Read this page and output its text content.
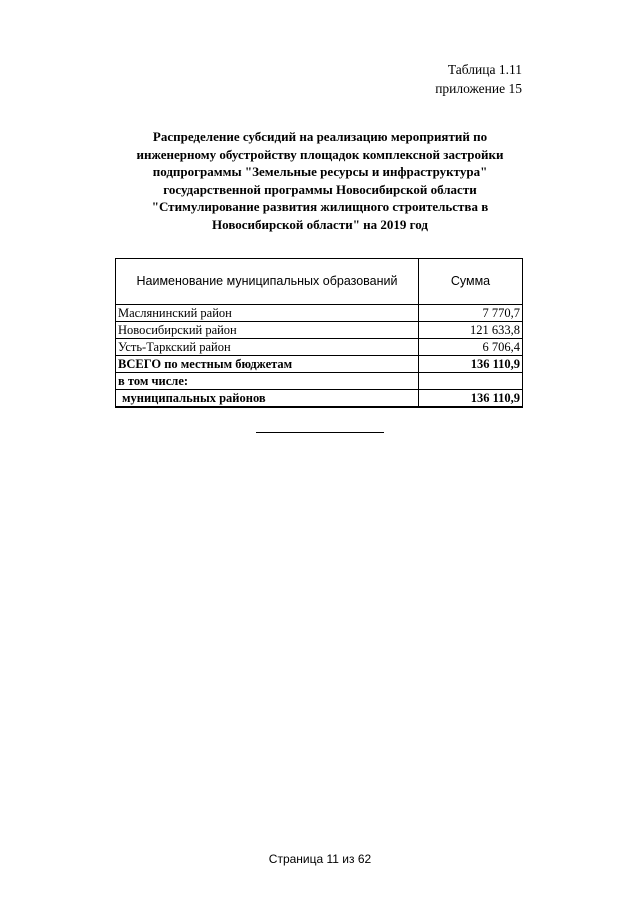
Таблица 1.11
приложение 15
Распределение субсидий на реализацию мероприятий по
инженерному обустройству площадок комплексной застройки
подпрограммы "Земельные ресурсы и инфраструктура"
государственной программы Новосибирской области
"Стимулирование развития жилищного строительства в
Новосибирской области" на 2019 год
Наименование муниципальных образований	Сумма
Маслянинский район	7 770,7
Новосибирский район	121 633,8
Усть-Таркский район	6 706,4
ВСЕГО по местным бюджетам	136 110,9
в том числе:	
муниципальных районов	136 110,9
Страница 11 из 62
